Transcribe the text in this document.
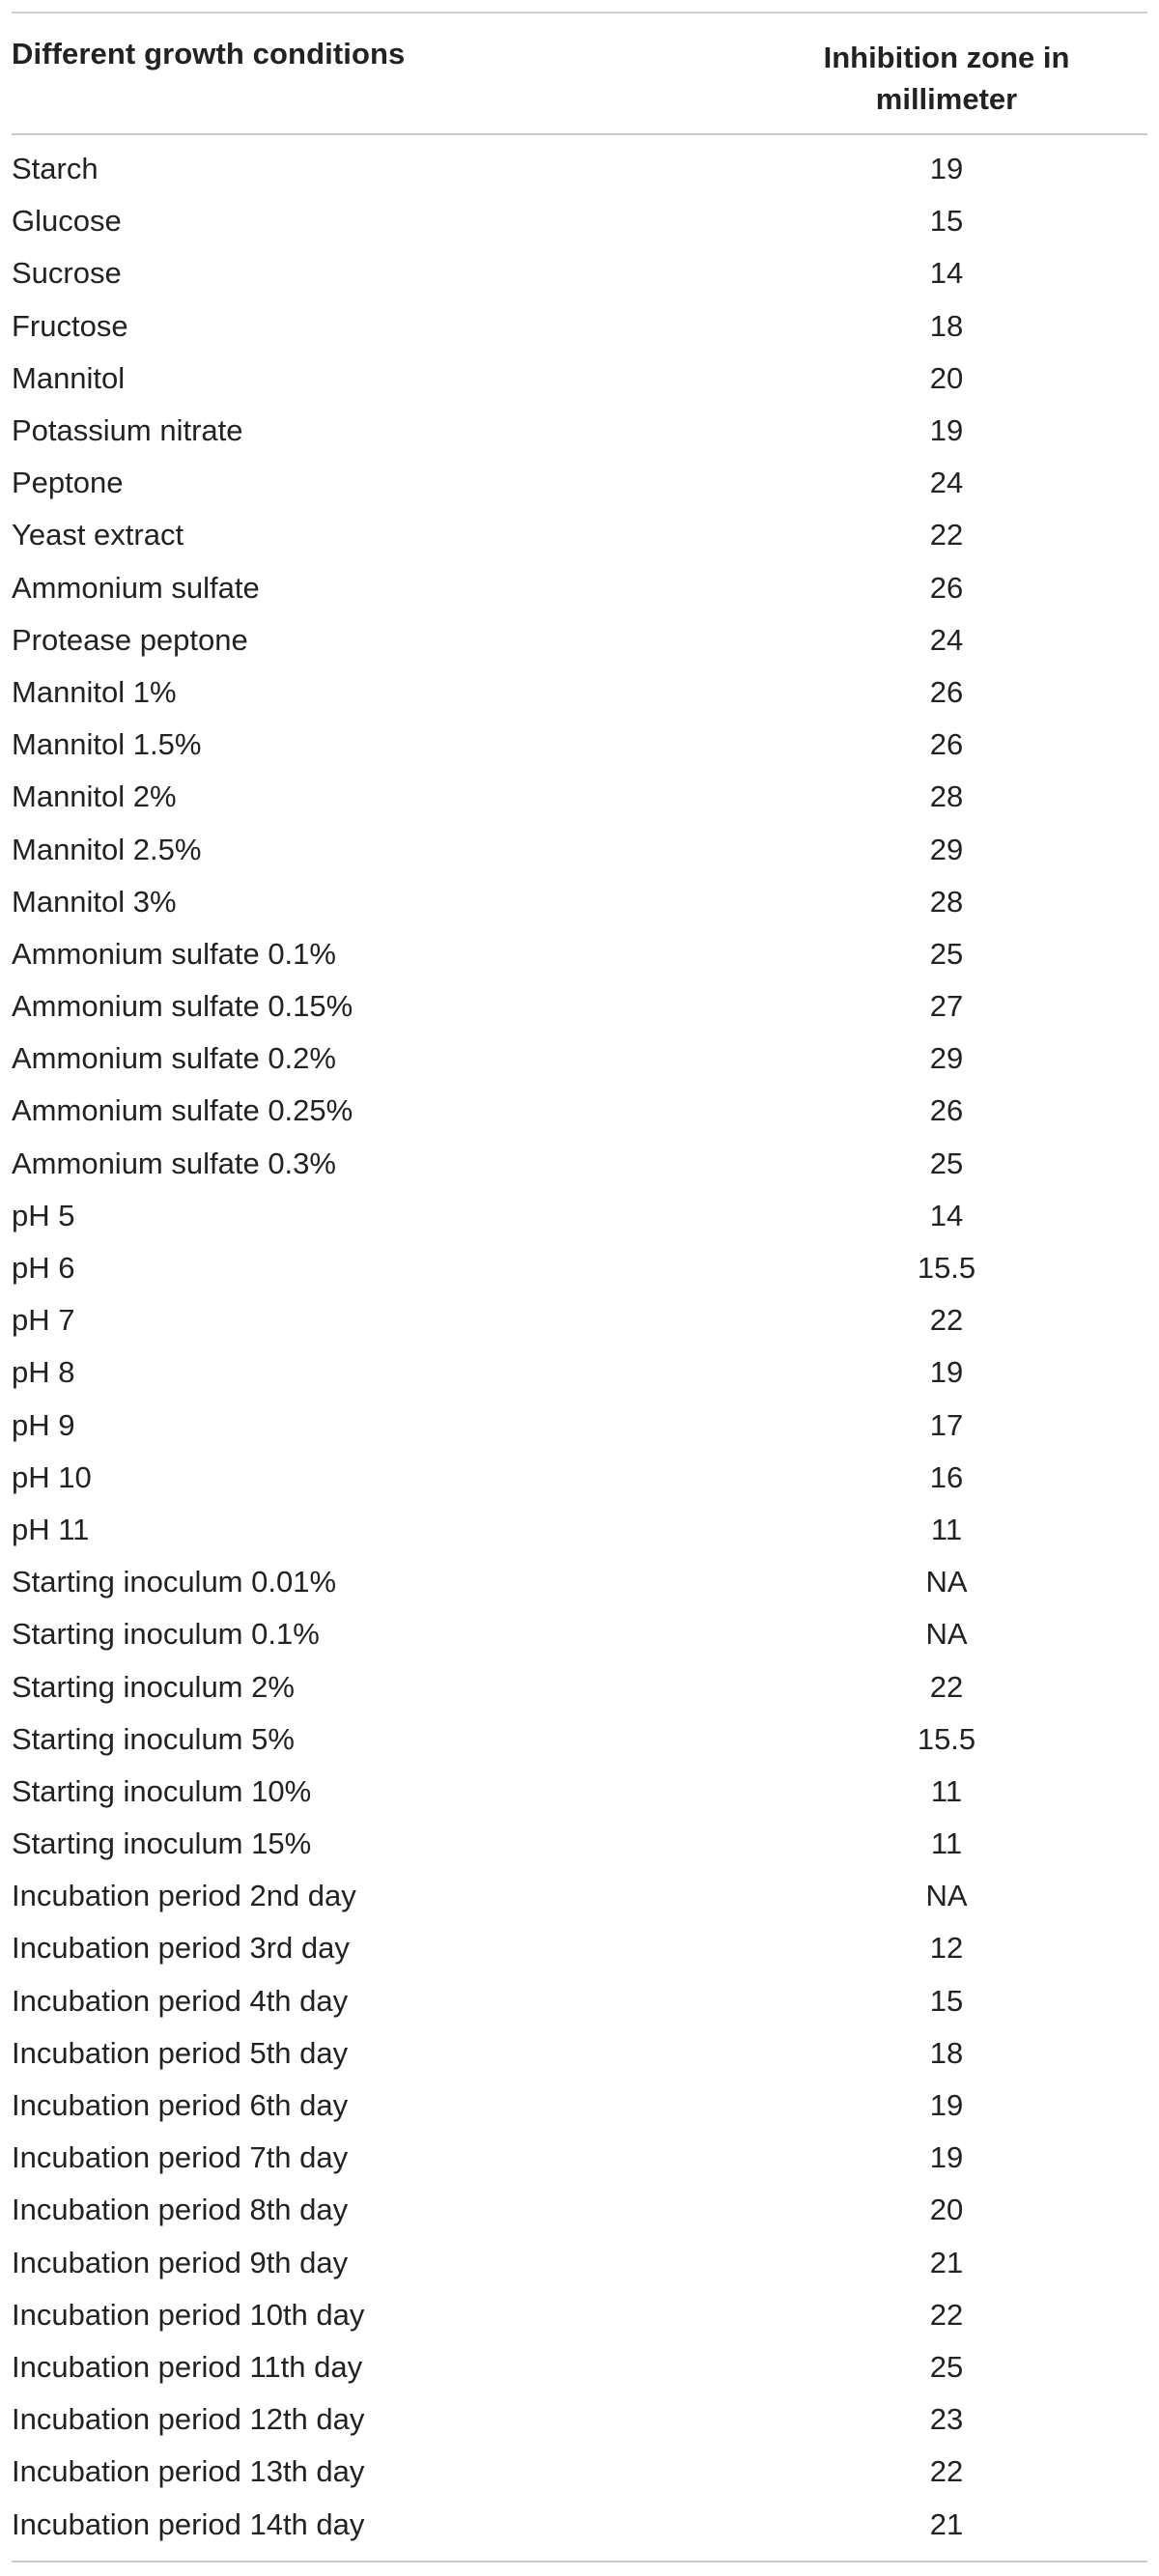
Different growth conditions	Inhibition zone in millimeter
Starch	19
Glucose	15
Sucrose	14
Fructose	18
Mannitol	20
Potassium nitrate	19
Peptone	24
Yeast extract	22
Ammonium sulfate	26
Protease peptone	24
Mannitol 1%	26
Mannitol 1.5%	26
Mannitol 2%	28
Mannitol 2.5%	29
Mannitol 3%	28
Ammonium sulfate 0.1%	25
Ammonium sulfate 0.15%	27
Ammonium sulfate 0.2%	29
Ammonium sulfate 0.25%	26
Ammonium sulfate 0.3%	25
pH 5	14
pH 6	15.5
pH 7	22
pH 8	19
pH 9	17
pH 10	16
pH 11	11
Starting inoculum 0.01%	NA
Starting inoculum 0.1%	NA
Starting inoculum 2%	22
Starting inoculum 5%	15.5
Starting inoculum 10%	11
Starting inoculum 15%	11
Incubation period 2nd day	NA
Incubation period 3rd day	12
Incubation period 4th day	15
Incubation period 5th day	18
Incubation period 6th day	19
Incubation period 7th day	19
Incubation period 8th day	20
Incubation period 9th day	21
Incubation period 10th day	22
Incubation period 11th day	25
Incubation period 12th day	23
Incubation period 13th day	22
Incubation period 14th day	21
